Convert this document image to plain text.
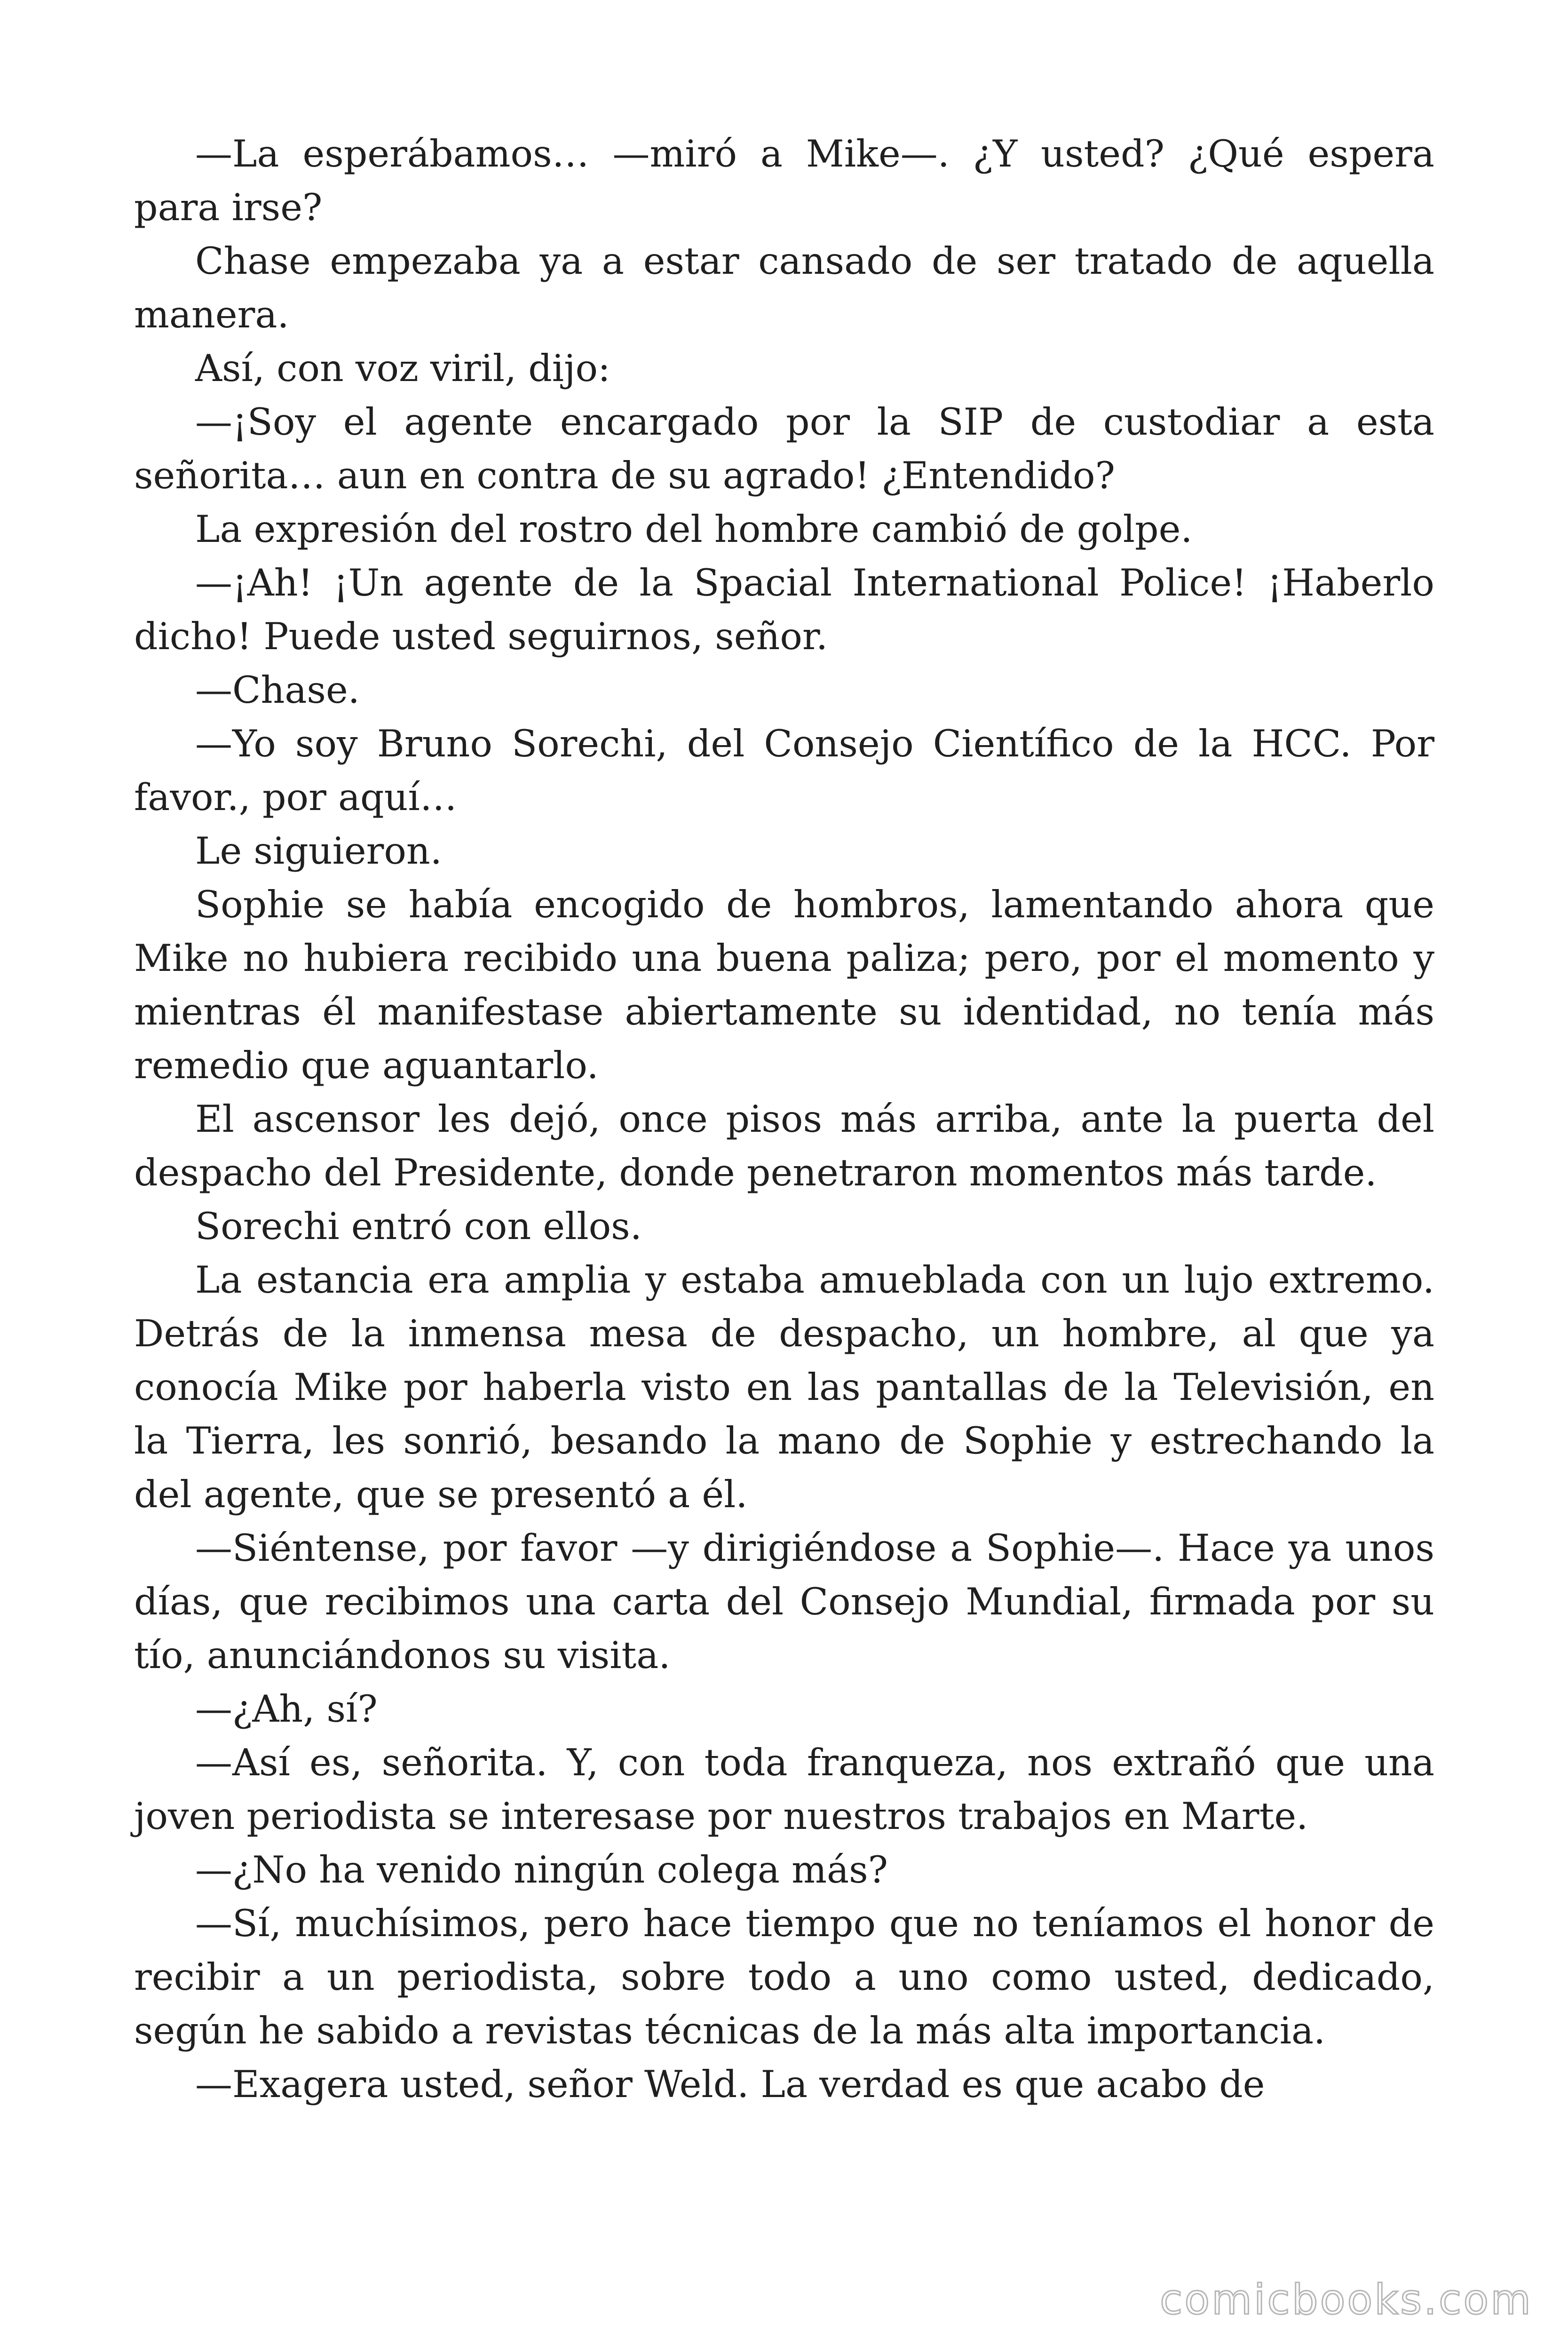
—La esperábamos… —miró a Mike—. ¿Y usted? ¿Qué espera para irse?

Chase empezaba ya a estar cansado de ser tratado de aquella manera.

Así, con voz viril, dijo:

—¡Soy el agente encargado por la SIP de custodiar a esta señorita… aun en contra de su agrado! ¿Entendido?

La expresión del rostro del hombre cambió de golpe.

—¡Ah! ¡Un agente de la Spacial International Police! ¡Haberlo dicho! Puede usted seguirnos, señor.

—Chase.

—Yo soy Bruno Sorechi, del Consejo Científico de la HCC. Por favor., por aquí…

Le siguieron.

Sophie se había encogido de hombros, lamentando ahora que Mike no hubiera recibido una buena paliza; pero, por el momento y mientras él manifestase abiertamente su identidad, no tenía más remedio que aguantarlo.

El ascensor les dejó, once pisos más arriba, ante la puerta del despacho del Presidente, donde penetraron momentos más tarde.

Sorechi entró con ellos.

La estancia era amplia y estaba amueblada con un lujo extremo. Detrás de la inmensa mesa de despacho, un hombre, al que ya conocía Mike por haberla visto en las pantallas de la Televisión, en la Tierra, les sonrió, besando la mano de Sophie y estrechando la del agente, que se presentó a él.

—Siéntense, por favor —y dirigiéndose a Sophie—. Hace ya unos días, que recibimos una carta del Consejo Mundial, firmada por su tío, anunciándonos su visita.

—¿Ah, sí?

—Así es, señorita. Y, con toda franqueza, nos extrañó que una joven periodista se interesase por nuestros trabajos en Marte.

—¿No ha venido ningún colega más?

—Sí, muchísimos, pero hace tiempo que no teníamos el honor de recibir a un periodista, sobre todo a uno como usted, dedicado, según he sabido a revistas técnicas de la más alta importancia.

—Exagera usted, señor Weld. La verdad es que acabo de

comicbooks.com
